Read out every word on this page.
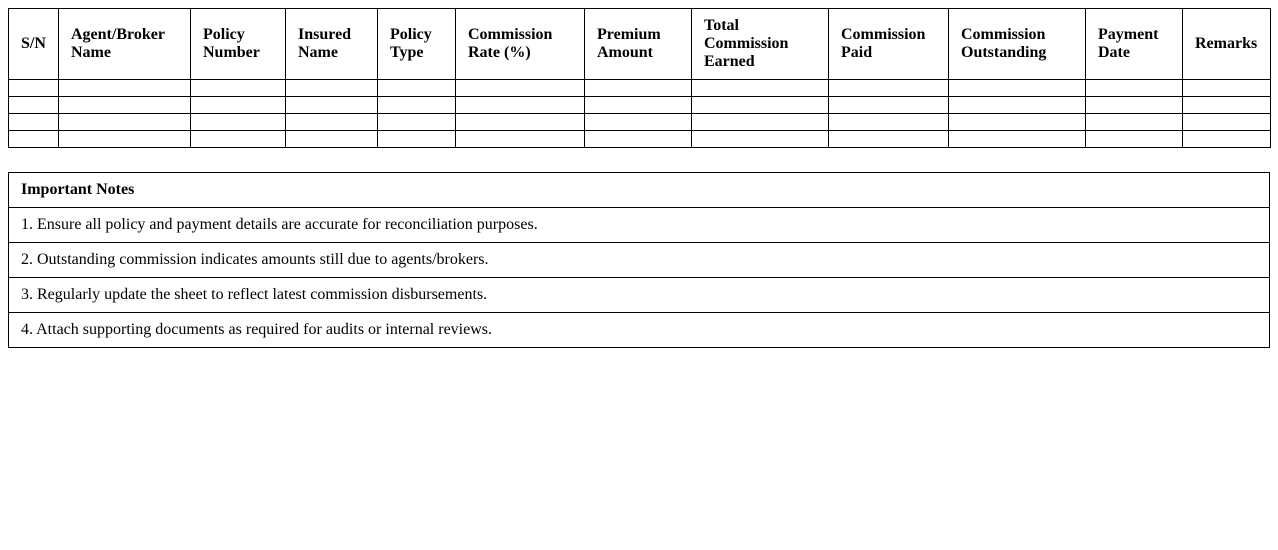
S/N	Agent/Broker Name	Policy Number	Insured Name	Policy Type	Commission Rate (%)	Premium Amount	Total Commission Earned	Commission Paid	Commission Outstanding	Payment Date	Remarks

Important Notes
1. Ensure all policy and payment details are accurate for reconciliation purposes.
2. Outstanding commission indicates amounts still due to agents/brokers.
3. Regularly update the sheet to reflect latest commission disbursements.
4. Attach supporting documents as required for audits or internal reviews.
